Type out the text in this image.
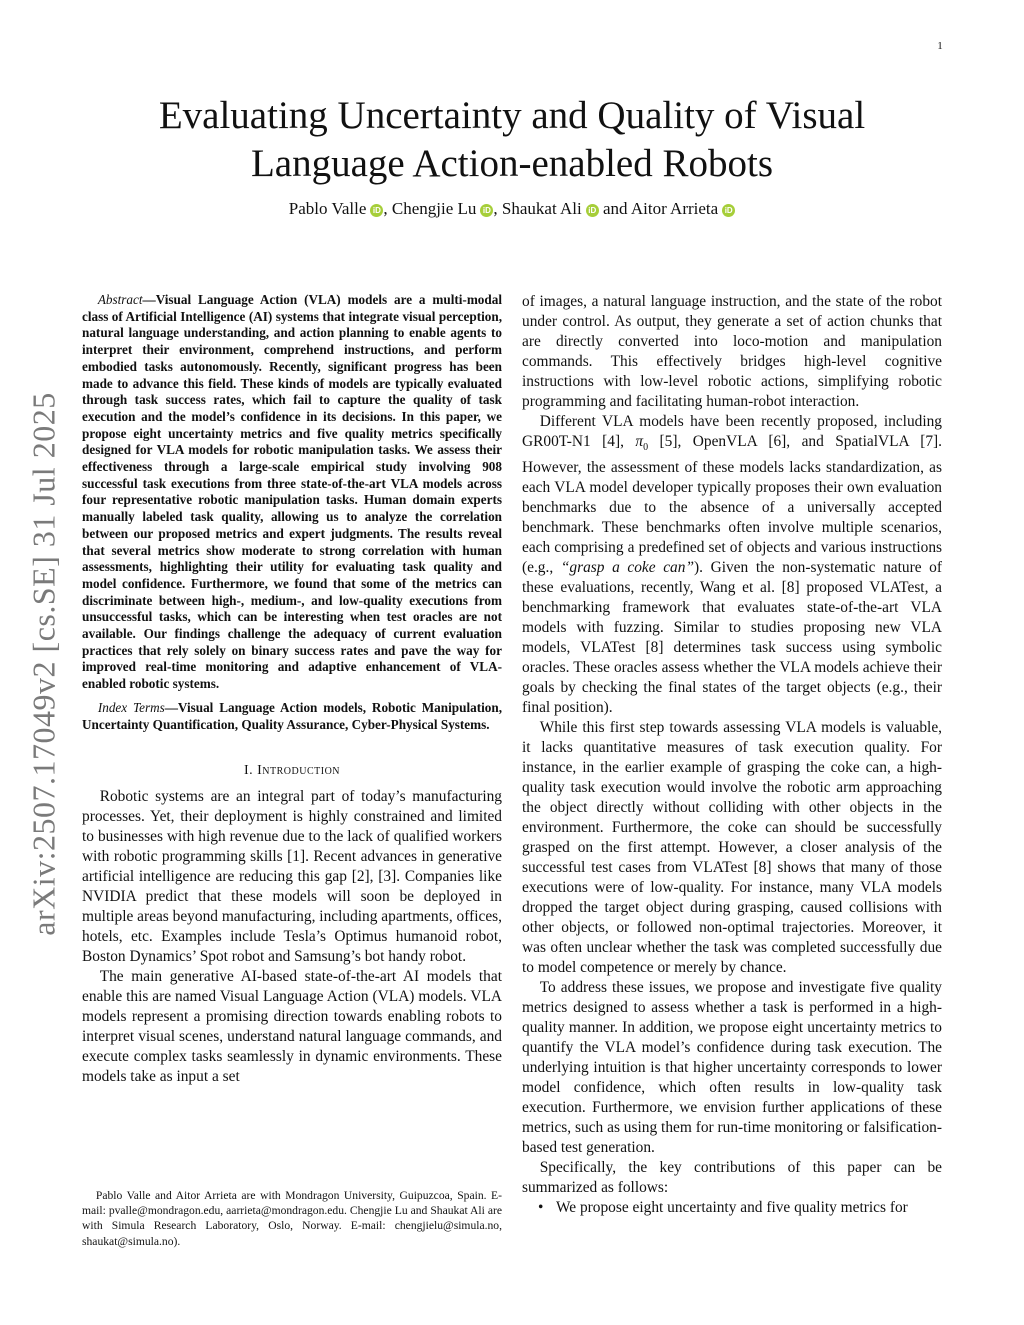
1
arXiv:2507.17049v2 [cs.SE] 31 Jul 2025
Evaluating Uncertainty and Quality of Visual
Language Action-enabled Robots
Pablo Valle iD , Chengjie Lu iD , Shaukat Ali iD and Aitor Arrieta iD

Abstract—Visual Language Action (VLA) models are a multi-modal class of Artificial Intelligence (AI) systems that integrate visual perception, natural language understanding, and action planning to enable agents to interpret their environment, comprehend instructions, and perform embodied tasks autonomously. Recently, significant progress has been made to advance this field. These kinds of models are typically evaluated through task success rates, which fail to capture the quality of task execution and the model’s confidence in its decisions. In this paper, we propose eight uncertainty metrics and five quality metrics specifically designed for VLA models for robotic manipulation tasks. We assess their effectiveness through a large-scale empirical study involving 908 successful task executions from three state-of-the-art VLA models across four representative robotic manipulation tasks. Human domain experts manually labeled task quality, allowing us to analyze the correlation between our proposed metrics and expert judgments. The results reveal that several metrics show moderate to strong correlation with human assessments, highlighting their utility for evaluating task quality and model confidence. Furthermore, we found that some of the metrics can discriminate between high-, medium-, and low-quality executions from unsuccessful tasks, which can be interesting when test oracles are not available. Our findings challenge the adequacy of current evaluation practices that rely solely on binary success rates and pave the way for improved real-time monitoring and adaptive enhancement of VLA-enabled robotic systems.

Index Terms—Visual Language Action models, Robotic Manipulation, Uncertainty Quantification, Quality Assurance, Cyber-Physical Systems.

I. Introduction

Robotic systems are an integral part of today’s manufacturing processes. Yet, their deployment is highly constrained and limited to businesses with high revenue due to the lack of qualified workers with robotic programming skills [1]. Recent advances in generative artificial intelligence are reducing this gap [2], [3]. Companies like NVIDIA predict that these models will soon be deployed in multiple areas beyond manufacturing, including apartments, offices, hotels, etc. Examples include Tesla’s Optimus humanoid robot, Boston Dynamics’ Spot robot and Samsung’s bot handy robot.

The main generative AI-based state-of-the-art AI models that enable this are named Visual Language Action (VLA) models. VLA models represent a promising direction towards enabling robots to interpret visual scenes, understand natural language commands, and execute complex tasks seamlessly in dynamic environments. These models take as input a set

Pablo Valle and Aitor Arrieta are with Mondragon University, Guipuzcoa, Spain. E-mail: pvalle@mondragon.edu, aarrieta@mondragon.edu. Chengjie Lu and Shaukat Ali are with Simula Research Laboratory, Oslo, Norway. E-mail: chengjielu@simula.no, shaukat@simula.no).

of images, a natural language instruction, and the state of the robot under control. As output, they generate a set of action chunks that are directly converted into loco-motion and manipulation commands. This effectively bridges high-level cognitive instructions with low-level robotic actions, simplifying robotic programming and facilitating human-robot interaction.

Different VLA models have been recently proposed, including GR00T-N1 [4], $\pi_0$ [5], OpenVLA [6], and SpatialVLA [7]. However, the assessment of these models lacks standardization, as each VLA model developer typically proposes their own evaluation benchmarks due to the absence of a universally accepted benchmark. These benchmarks often involve multiple scenarios, each comprising a predefined set of objects and various instructions (e.g., “grasp a coke can”). Given the non-systematic nature of these evaluations, recently, Wang et al. [8] proposed VLATest, a benchmarking framework that evaluates state-of-the-art VLA models with fuzzing. Similar to studies proposing new VLA models, VLATest [8] determines task success using symbolic oracles. These oracles assess whether the VLA models achieve their goals by checking the final states of the target objects (e.g., their final position).

While this first step towards assessing VLA models is valuable, it lacks quantitative measures of task execution quality. For instance, in the earlier example of grasping the coke can, a high-quality task execution would involve the robotic arm approaching the object directly without colliding with other objects in the environment. Furthermore, the coke can should be successfully grasped on the first attempt. However, a closer analysis of the successful test cases from VLATest [8] shows that many of those executions were of low-quality. For instance, many VLA models dropped the target object during grasping, caused collisions with other objects, or followed non-optimal trajectories. Moreover, it was often unclear whether the task was completed successfully due to model competence or merely by chance.

To address these issues, we propose and investigate five quality metrics designed to assess whether a task is performed in a high-quality manner. In addition, we propose eight uncertainty metrics to quantify the VLA model’s confidence during task execution. The underlying intuition is that higher uncertainty corresponds to lower model confidence, which often results in low-quality task execution. Furthermore, we envision further applications of these metrics, such as using them for run-time monitoring or falsification-based test generation.

Specifically, the key contributions of this paper can be summarized as follows:

• We propose eight uncertainty and five quality metrics for
